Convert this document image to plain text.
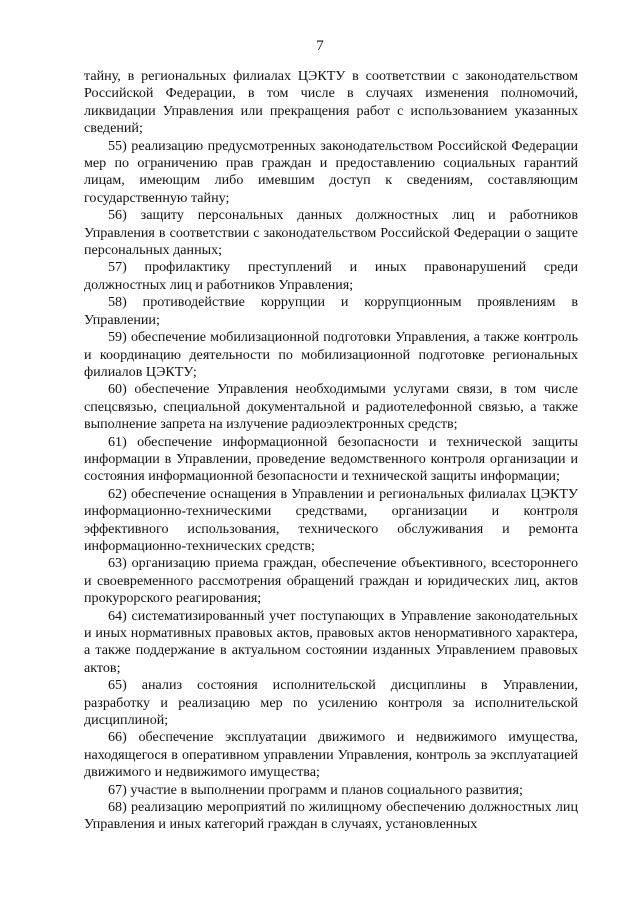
7

тайну, в региональных филиалах ЦЭКТУ в соответствии с законодательством Российской Федерации, в том числе в случаях изменения полномочий, ликвидации Управления или прекращения работ с использованием указанных сведений;

55) реализацию предусмотренных законодательством Российской Федерации мер по ограничению прав граждан и предоставлению социальных гарантий лицам, имеющим либо имевшим доступ к сведениям, составляющим государственную тайну;

56) защиту персональных данных должностных лиц и работников Управления в соответствии с законодательством Российской Федерации о защите персональных данных;

57) профилактику преступлений и иных правонарушений среди должностных лиц и работников Управления;

58) противодействие коррупции и коррупционным проявлениям в Управлении;

59) обеспечение мобилизационной подготовки Управления, а также контроль и координацию деятельности по мобилизационной подготовке региональных филиалов ЦЭКТУ;

60) обеспечение Управления необходимыми услугами связи, в том числе спецсвязью, специальной документальной и радиотелефонной связью, а также выполнение запрета на излучение радиоэлектронных средств;

61) обеспечение информационной безопасности и технической защиты информации в Управлении, проведение ведомственного контроля организации и состояния информационной безопасности и технической защиты информации;

62) обеспечение оснащения в Управлении и региональных филиалах ЦЭКТУ информационно-техническими средствами, организации и контроля эффективного использования, технического обслуживания и ремонта информационно-технических средств;

63) организацию приема граждан, обеспечение объективного, всестороннего и своевременного рассмотрения обращений граждан и юридических лиц, актов прокурорского реагирования;

64) систематизированный учет поступающих в Управление законодательных и иных нормативных правовых актов, правовых актов ненормативного характера, а также поддержание в актуальном состоянии изданных Управлением правовых актов;

65) анализ состояния исполнительской дисциплины в Управлении, разработку и реализацию мер по усилению контроля за исполнительской дисциплиной;

66) обеспечение эксплуатации движимого и недвижимого имущества, находящегося в оперативном управлении Управления, контроль за эксплуатацией движимого и недвижимого имущества;

67) участие в выполнении программ и планов социального развития;

68) реализацию мероприятий по жилищному обеспечению должностных лиц Управления и иных категорий граждан в случаях, установленных
